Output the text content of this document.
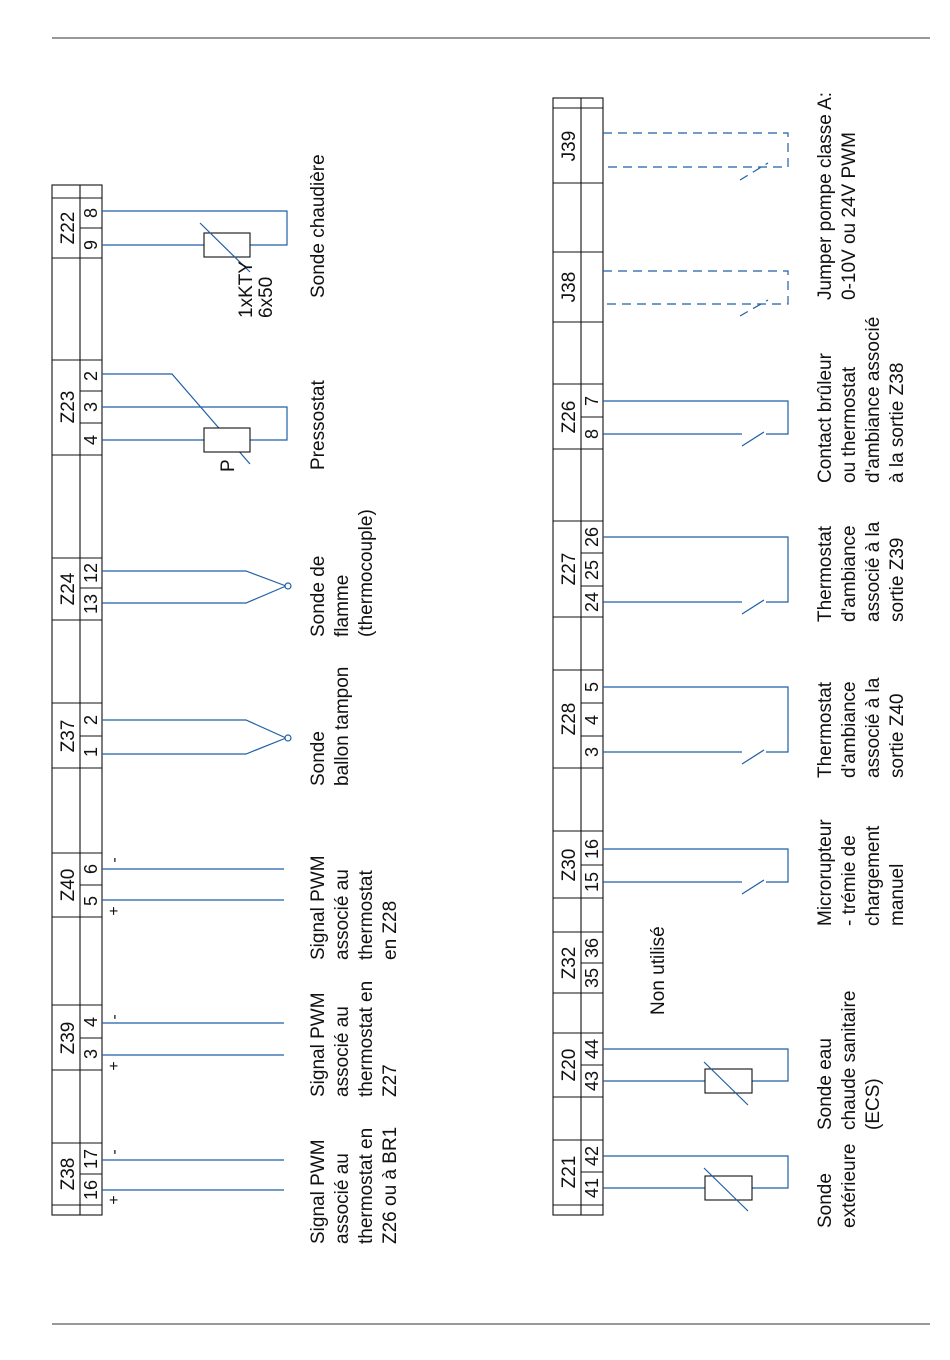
Z22
Z23
Z24
Z37
Z40
Z39
Z38
9
8
4
3
2
13
12
1
2
5
6
3
4
16
17
+
-
+
-
+
-
1xKTY 6x50
P
Sonde chaudière
Pressostat
Sonde de flamme (thermocouple)
Sonde ballon tampon
Signal PWM associé au thermostat en Z28
Signal PWM associé au thermostat en Z27
Signal PWM associé au thermostat en Z26 ou à BR1
J39
J38
Z26
Z27
Z28
Z30
Z32
Z20
Z21
8
7
24
25
26
3
4
5
15
16
35
36
43
44
41
42
Jumper pompe classe A: 0-10V ou 24V PWM
Contact brûleur ou thermostat d'ambiance associé à la sortie Z38
Thermostat d'ambiance associé à la sortie Z39
Thermostat d'ambiance associé à la sortie Z40
Microrupteur - trémie de chargement manuel
Non utilisé
Sonde eau chaude sanitaire (ECS)
Sonde extérieure
